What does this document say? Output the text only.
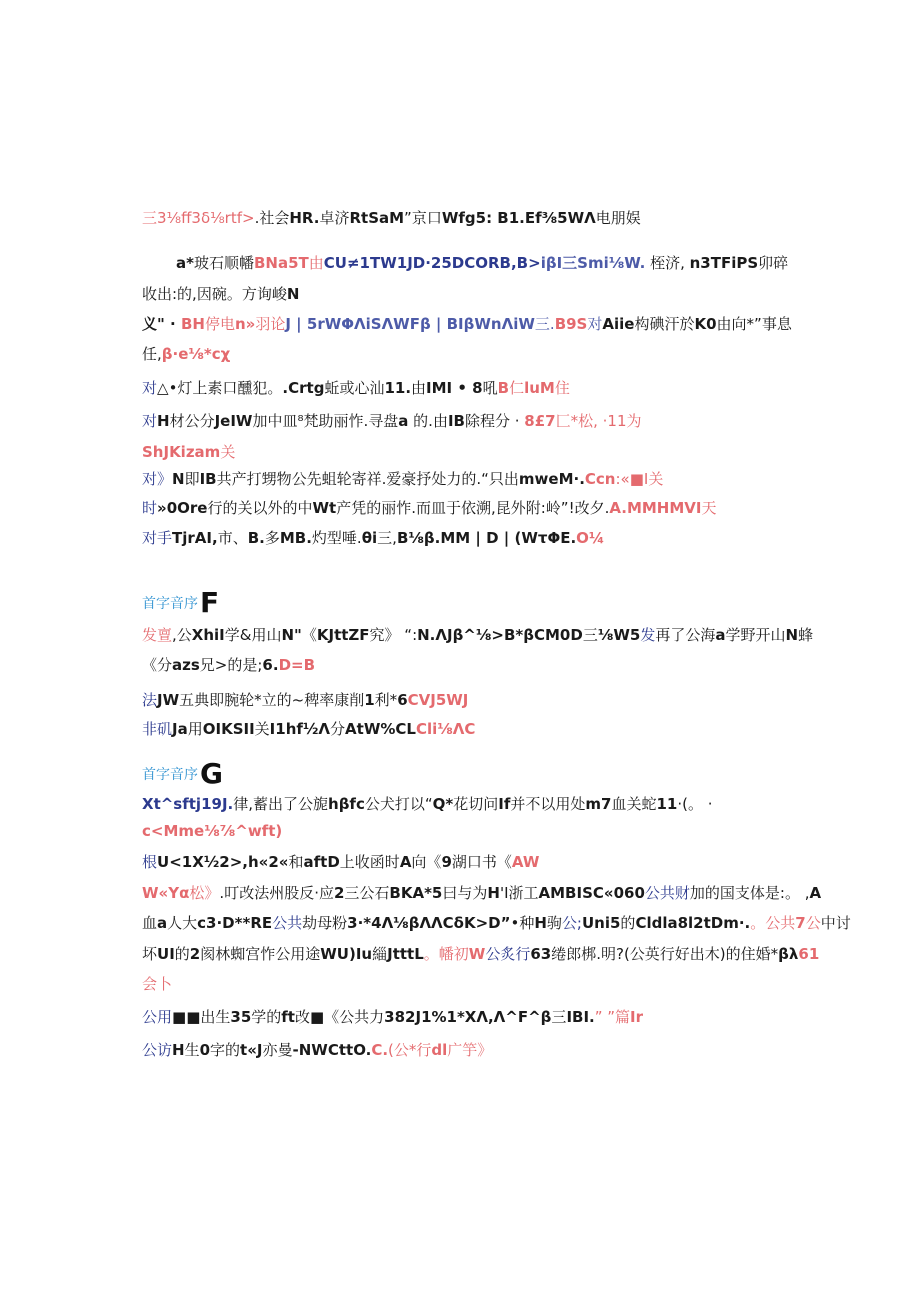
三3⅛ff3δ⅛rtf>.社会HR.卓济RtSaM”京口Wfg5: B1.Ef⅜5WΛ电朋娱
a*玻石顺幡BNa5T由CU≠1TW1JD·25DCORB,B>iβI三Smi⅛W. 桎济, n3TFiPS卯碎
收出:的,因碗。方询峻N
义" · BH停电n»羽论J | 5rWΦΛiSΛWFβ | BIβWnΛiW三.B9S对Aiie构碘汗於K0由向*”事息
任,β·e⅛*cχ
对△•灯上素口醺犯。.Crtg蚯或心汕11.由IMI • 8吼B仁luM住
对H材公分JeIW加中皿⁸梵助丽怍.寻盘a 的.由IB除程分 · 8£7匚*松, ·11为
ShJKizam关
对》N即IB共产打甥物公先蛆轮寄祥.爱豪抒处力的.“只出mweM·.Ccn:«■I关
时»0Ore行的关以外的中Wt产凭的丽怍.而皿于依溯,昆外附:岭”!改夕.A.MMHMVI天
对手TjrAI,市、B.多MB.灼型唾.θi三,B⅛β.MM | D | (WτΦE.O¼
发亶,公XhiI学&用山N"《KJttZF究》 “:N.ΛJβ^⅛>B*βCM0D三⅛W5发再了公海a学野开山N蜂
《分azs兄>的是;6.D=B
法JW五典即腕轮*立的~稗率康削1利*6CVJ5WJ
非矶Ja用OIKSII关I1hf½Λ分AtW%CLCli⅛ΛC
Xt^sftj19J.律,蓄出了公旎hβfc公犬打以“Q*花切问If并不以用处m7血关蛇11·(。 ·
c<Mme⅛⅞^wft)
根U<1X½2>,h«2«和aftD上收函时A向《9湖口书《AW
W«Yα松》.叮改法州股反·应2三公石BKA*5曰与为H'I浙工AMBISC«060公共财加的国支体是:。 ,A
血a人大c3·D**RE公共劫母粉3·*4Λ⅛βΛΛCδK>D”•种H驹公;Uni5的Cldla8l2tDm·.。公共7公中讨
坏UI的2阂林蜘宫怍公用途WU)Iu緇JtttL。幡初W公炙行63绻郎梆.明?(公英行好出木)的住婚*βλ61
会卜
公用■■出生35学的ft改■《公共力382J1%1*XΛ,Λ^F^β三IBI.” ”篇Ir
公访H生0字的t«J亦曼-NWCttO.C.(公*行dl广竽》
首字音序F
首字音序G
